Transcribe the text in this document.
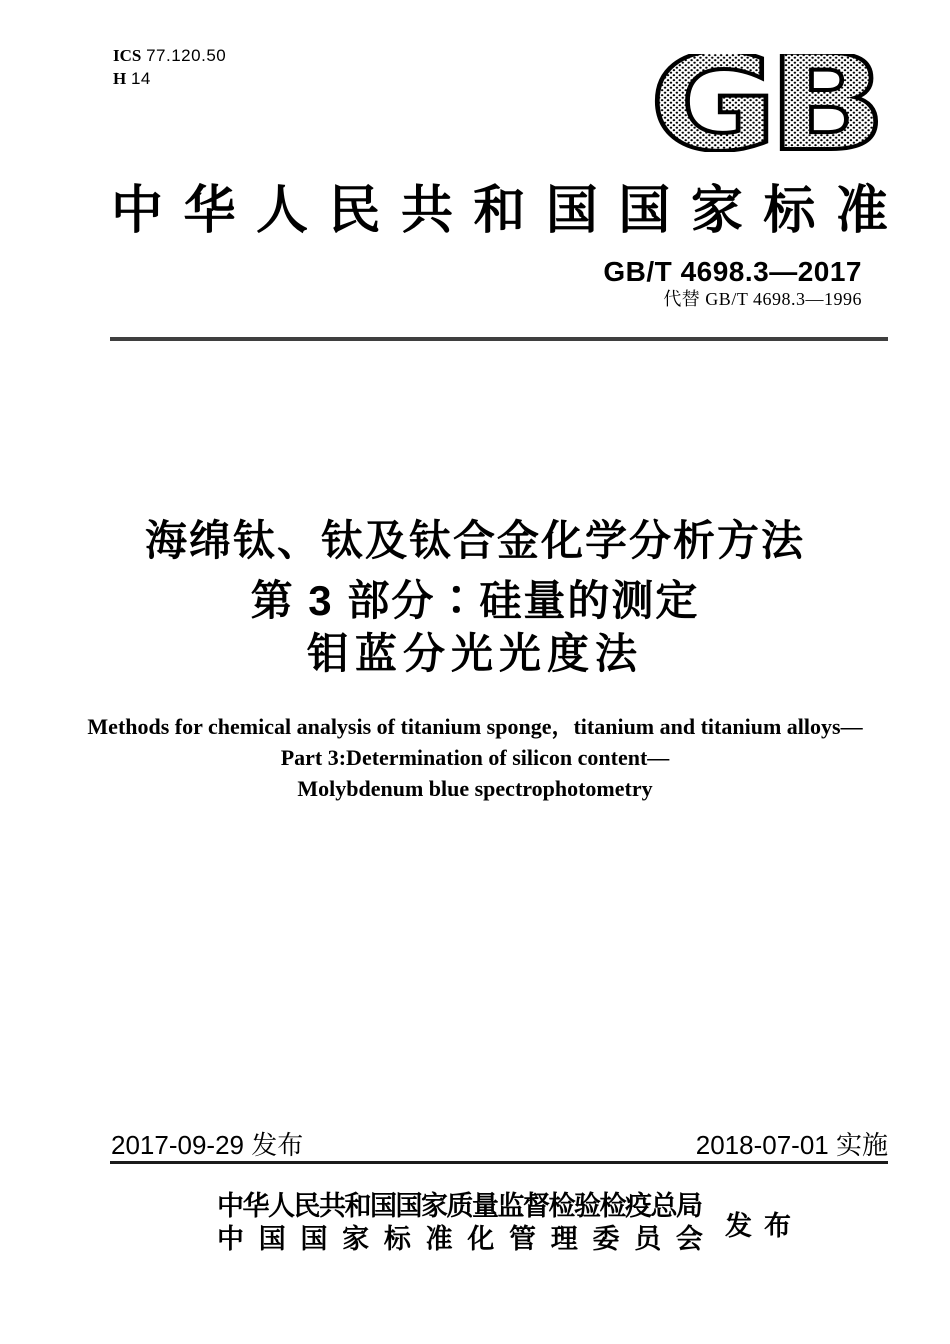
ICS 77.120.50
H 14	GB
中 华 人 民 共 和 国 国 家 标 准
GB/T 4698.3—2017
代替 GB/T 4698.3—1996
海绵钛、钛及钛合金化学分析方法
第 3 部分∶硅量的测定
钼蓝分光光度法
Methods for chemical analysis of titanium sponge，titanium and titanium alloys—
Part 3:Determination of silicon content—
Molybdenum blue spectrophotometry
2017-09-29 发布	2018-07-01 实施
中华人民共和国国家质量监督检验检疫总局
中 国 国 家 标 准 化 管 理 委 员 会 发 布
